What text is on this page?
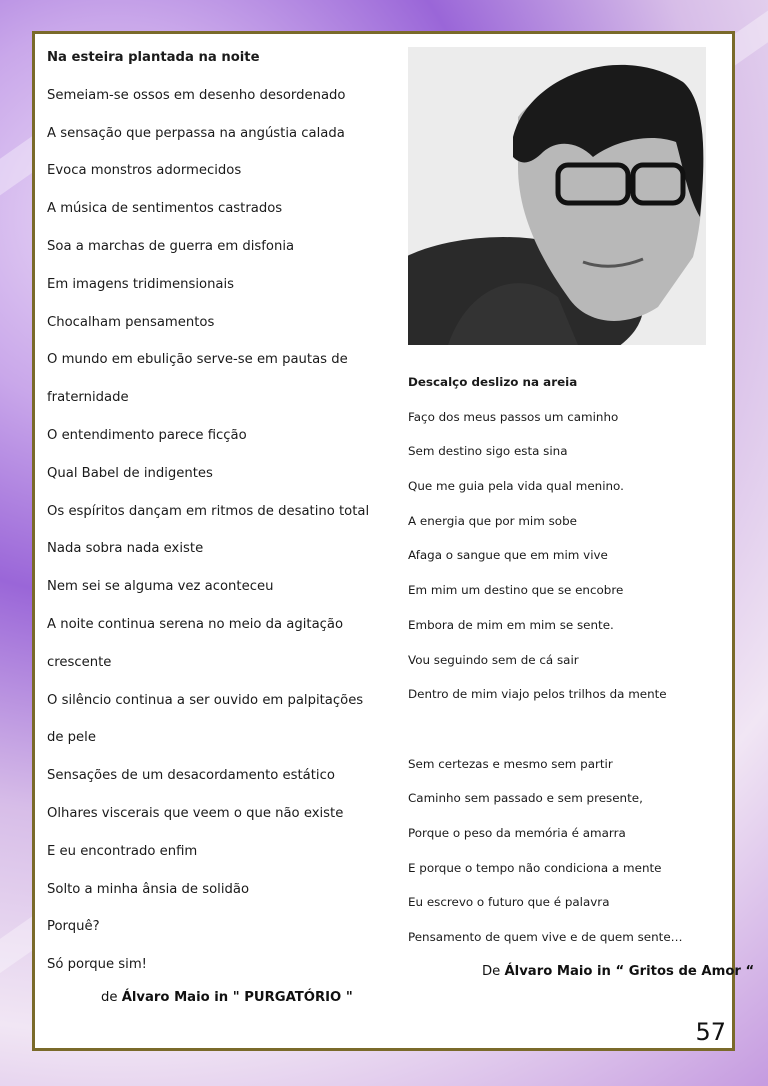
Na esteira plantada na noite
Semeiam-se ossos em desenho desordenado
A sensação que perpassa na angústia calada
Evoca monstros adormecidos
A música de sentimentos castrados
Soa a marchas de guerra em disfonia
Em imagens tridimensionais
Chocalham pensamentos
O mundo em ebulição serve-se em pautas de
fraternidade
O entendimento parece ficção
Qual Babel de indigentes
Os espíritos dançam em ritmos de desatino total
Nada sobra nada existe
Nem sei se alguma vez aconteceu
A noite continua serena no meio da agitação
crescente
O silêncio continua a ser ouvido em palpitações
de pele
Sensações de um desacordamento estático
Olhares viscerais que veem o que não existe
E eu encontrado enfim
Solto a minha ânsia de solidão
Porquê?
Só porque sim!
de Álvaro Maio in " PURGATÓRIO "
Descalço deslizo na areia
Faço dos meus passos um caminho
Sem destino sigo esta sina
Que me guia pela vida qual menino.
A energia que por mim sobe
Afaga o sangue que em mim vive
Em mim um destino que se encobre
Embora de mim em mim se sente.
Vou seguindo sem de cá sair
Dentro de mim viajo pelos trilhos da mente
Sem certezas e mesmo sem partir
Caminho sem passado e sem presente,
Porque o peso da memória é amarra
E porque o tempo não condiciona a mente
Eu escrevo o futuro que é palavra
Pensamento de quem vive e de quem sente…
De Álvaro Maio in “ Gritos de Amor “
57
